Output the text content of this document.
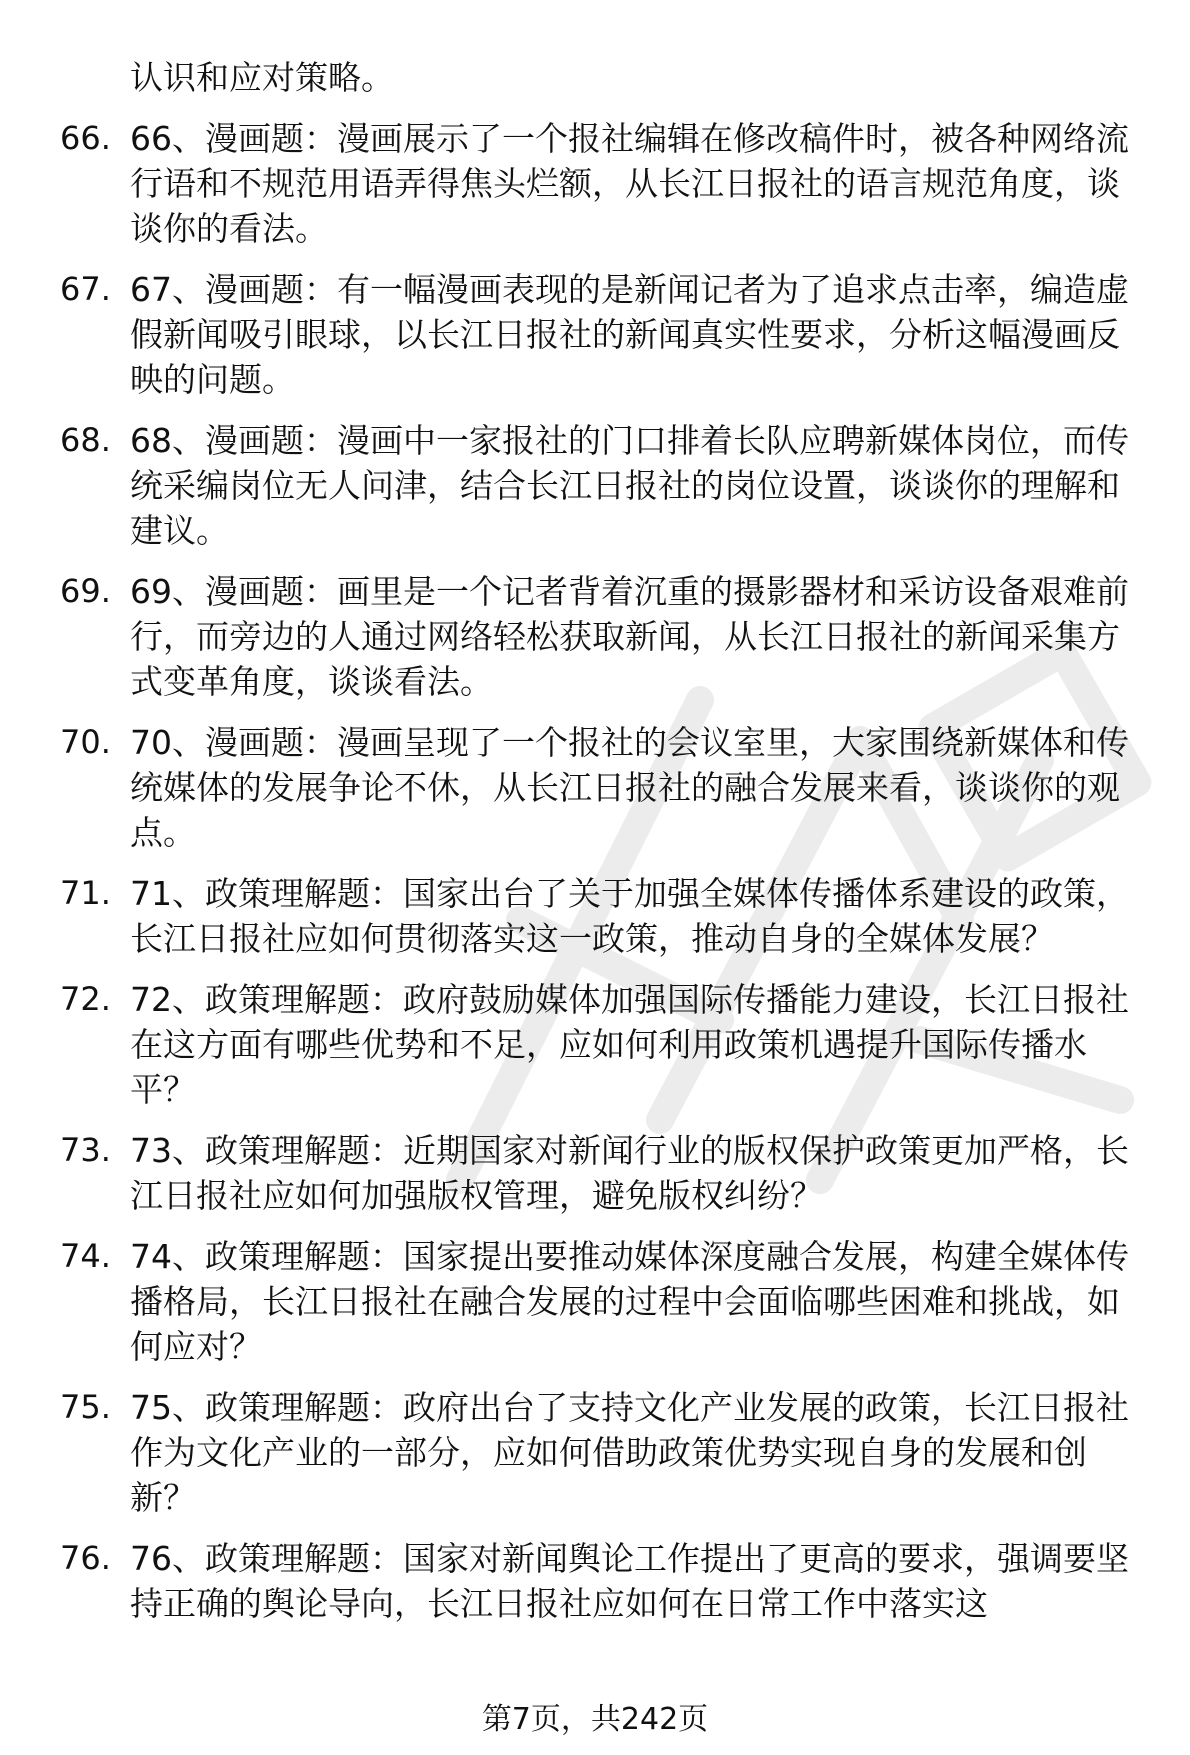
认识和应对策略。
66. 66、漫画题：漫画展示了一个报社编辑在修改稿件时，被各种网络流行语和不规范用语弄得焦头烂额，从长江日报社的语言规范角度，谈谈你的看法。
67. 67、漫画题：有一幅漫画表现的是新闻记者为了追求点击率，编造虚假新闻吸引眼球，以长江日报社的新闻真实性要求，分析这幅漫画反映的问题。
68. 68、漫画题：漫画中一家报社的门口排着长队应聘新媒体岗位，而传统采编岗位无人问津，结合长江日报社的岗位设置，谈谈你的理解和建议。
69. 69、漫画题：画里是一个记者背着沉重的摄影器材和采访设备艰难前行，而旁边的人通过网络轻松获取新闻，从长江日报社的新闻采集方式变革角度，谈谈看法。
70. 70、漫画题：漫画呈现了一个报社的会议室里，大家围绕新媒体和传统媒体的发展争论不休，从长江日报社的融合发展来看，谈谈你的观点。
71. 71、政策理解题：国家出台了关于加强全媒体传播体系建设的政策，长江日报社应如何贯彻落实这一政策，推动自身的全媒体发展？
72. 72、政策理解题：政府鼓励媒体加强国际传播能力建设，长江日报社在这方面有哪些优势和不足，应如何利用政策机遇提升国际传播水平？
73. 73、政策理解题：近期国家对新闻行业的版权保护政策更加严格，长江日报社应如何加强版权管理，避免版权纠纷？
74. 74、政策理解题：国家提出要推动媒体深度融合发展，构建全媒体传播格局，长江日报社在融合发展的过程中会面临哪些困难和挑战，如何应对？
75. 75、政策理解题：政府出台了支持文化产业发展的政策，长江日报社作为文化产业的一部分，应如何借助政策优势实现自身的发展和创新？
76. 76、政策理解题：国家对新闻舆论工作提出了更高的要求，强调要坚持正确的舆论导向，长江日报社应如何在日常工作中落实这
第7页，共242页
